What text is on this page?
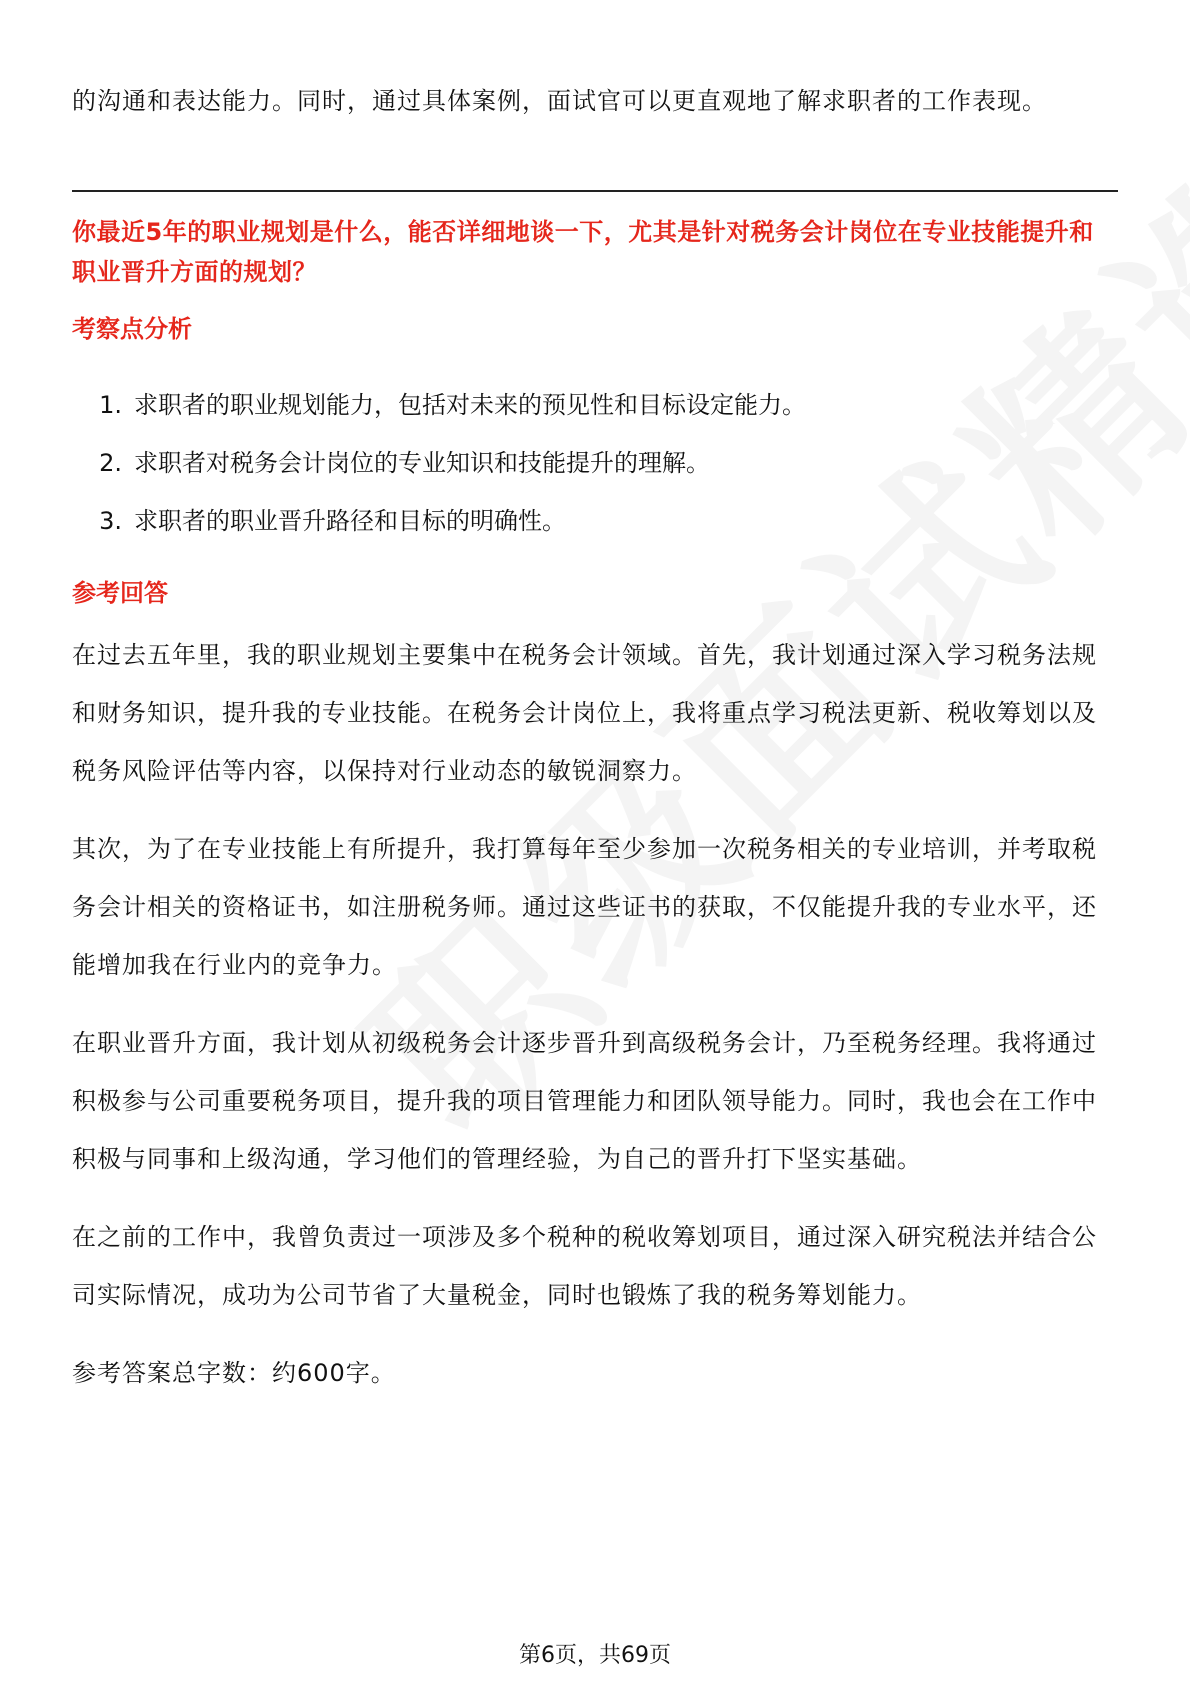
的沟通和表达能力。同时，通过具体案例，面试官可以更直观地了解求职者的工作表现。

你最近5年的职业规划是什么，能否详细地谈一下，尤其是针对税务会计岗位在专业技能提升和职业晋升方面的规划？

考察点分析
1. 求职者的职业规划能力，包括对未来的预见性和目标设定能力。
2. 求职者对税务会计岗位的专业知识和技能提升的理解。
3. 求职者的职业晋升路径和目标的明确性。
参考回答

在过去五年里，我的职业规划主要集中在税务会计领域。首先，我计划通过深入学习税务法规和财务知识，提升我的专业技能。在税务会计岗位上，我将重点学习税法更新、税收筹划以及税务风险评估等内容，以保持对行业动态的敏锐洞察力。

其次，为了在专业技能上有所提升，我打算每年至少参加一次税务相关的专业培训，并考取税务会计相关的资格证书，如注册税务师。通过这些证书的获取，不仅能提升我的专业水平，还能增加我在行业内的竞争力。

在职业晋升方面，我计划从初级税务会计逐步晋升到高级税务会计，乃至税务经理。我将通过积极参与公司重要税务项目，提升我的项目管理能力和团队领导能力。同时，我也会在工作中积极与同事和上级沟通，学习他们的管理经验，为自己的晋升打下坚实基础。

在之前的工作中，我曾负责过一项涉及多个税种的税收筹划项目，通过深入研究税法并结合公司实际情况，成功为公司节省了大量税金，同时也锻炼了我的税务筹划能力。

参考答案总字数：约600字。

第6页，共69页
